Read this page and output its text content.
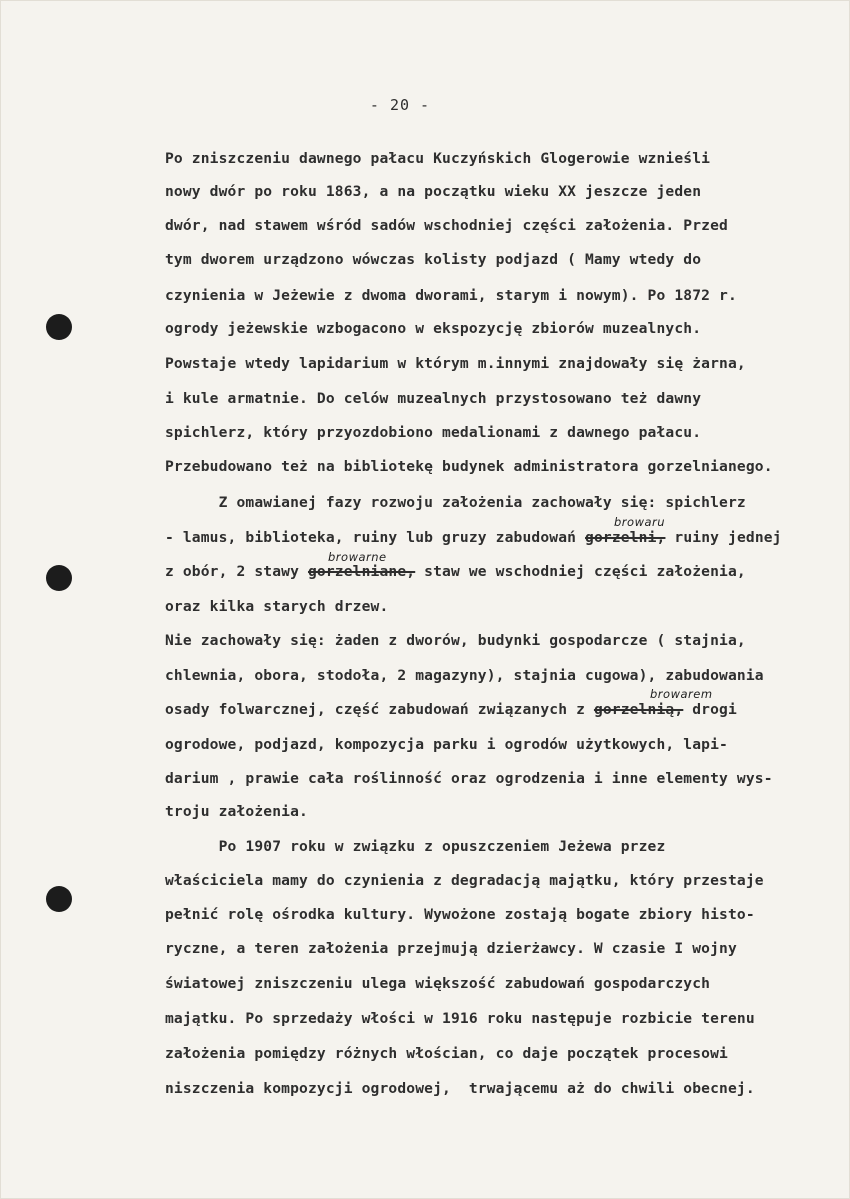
- 20 -
Po zniszczeniu dawnego pałacu Kuczyńskich Glogerowie wznieśli
nowy dwór po roku 1863, a na początku wieku XX jeszcze jeden
dwór, nad stawem wśród sadów wschodniej części założenia. Przed
tym dworem urządzono wówczas kolisty podjazd ( Mamy wtedy do
czynienia w Jeżewie z dwoma dworami, starym i nowym). Po 1872 r.
ogrody jeżewskie wzbogacono w ekspozycję zbiorów muzealnych.
Powstaje wtedy lapidarium w którym m.innymi znajdowały się żarna,
i kule armatnie. Do celów muzealnych przystosowano też dawny
spichlerz, który przyozdobiono medalionami z dawnego pałacu.
Przebudowano też na bibliotekę budynek administratora gorzelnianego.
Z omawianej fazy rozwoju założenia zachowały się: spichlerz
- lamus, biblioteka, ruiny lub gruzy zabudowań gorzelni, ruiny jednej
z obór, 2 stawy gorzelniane, staw we wschodniej części założenia,
oraz kilka starych drzew.
Nie zachowały się: żaden z dworów, budynki gospodarcze ( stajnia,
chlewnia, obora, stodoła, 2 magazyny), stajnia cugowa), zabudowania
osady folwarcznej, część zabudowań związanych z gorzelnią, drogi
ogrodowe, podjazd, kompozycja parku i ogrodów użytkowych, lapi-
darium , prawie cała roślinność oraz ogrodzenia i inne elementy wys-
troju założenia.
Po 1907 roku w związku z opuszczeniem Jeżewa przez
właściciela mamy do czynienia z degradacją majątku, który przestaje
pełnić rolę ośrodka kultury. Wywożone zostają bogate zbiory histo-
ryczne, a teren założenia przejmują dzierżawcy. W czasie I wojny
światowej zniszczeniu ulega większość zabudowań gospodarczych
majątku. Po sprzedaży włości w 1916 roku następuje rozbicie terenu
założenia pomiędzy różnych włościan, co daje początek procesowi
niszczenia kompozycji ogrodowej,  trwającemu aż do chwili obecnej.
browaru
browarne
browarem
